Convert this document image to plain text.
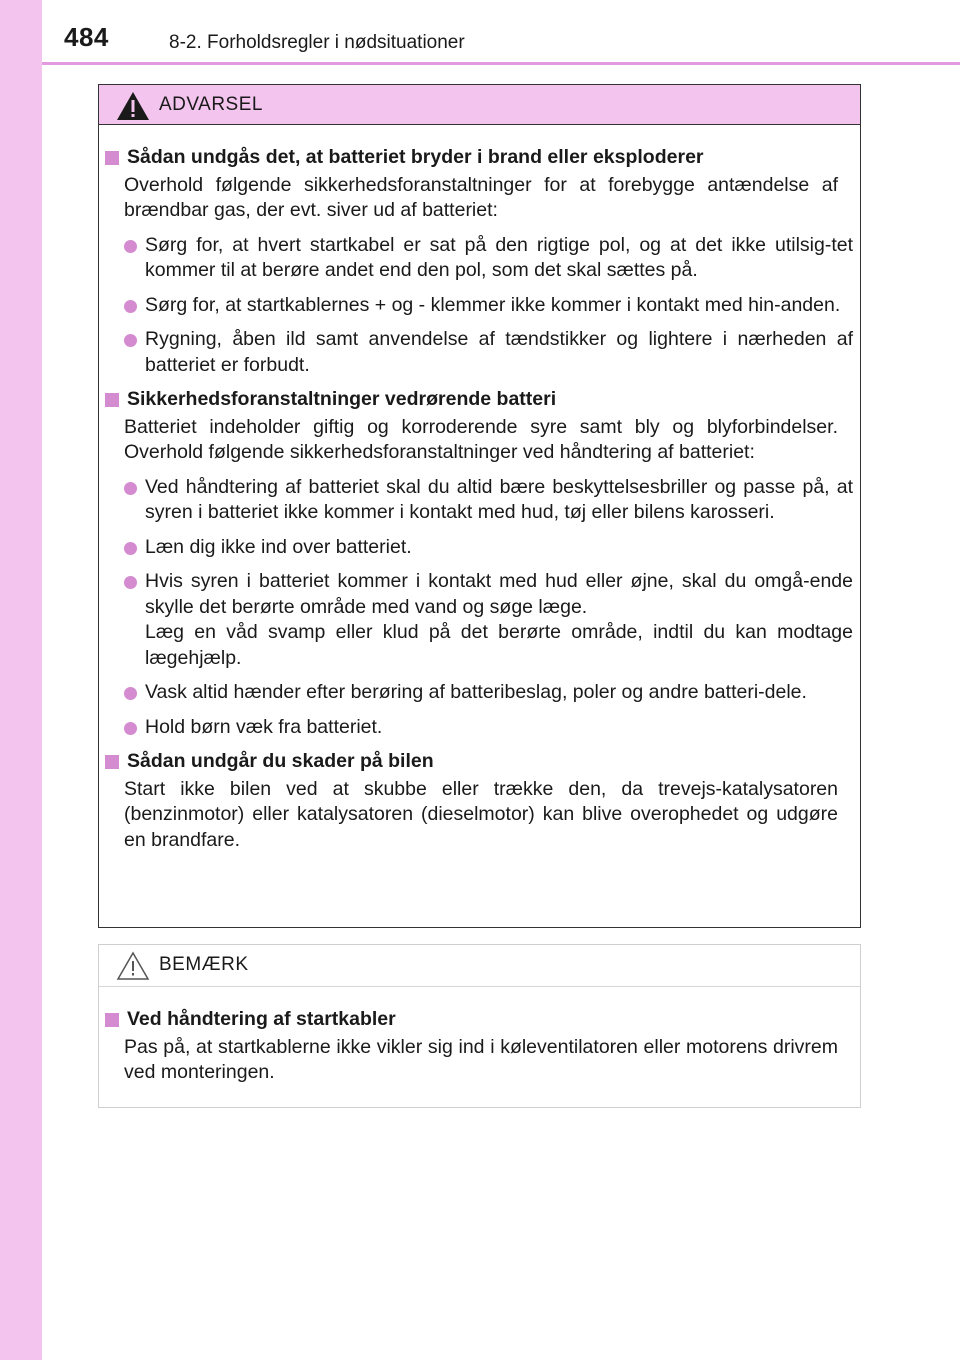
484	8-2. Forholdsregler i nødsituationer
ADVARSEL
Sådan undgås det, at batteriet bryder i brand eller eksploderer
Overhold følgende sikkerhedsforanstaltninger for at forebygge antændelse af brændbar gas, der evt. siver ud af batteriet:
Sørg for, at hvert startkabel er sat på den rigtige pol, og at det ikke utilsig-tet kommer til at berøre andet end den pol, som det skal sættes på.
Sørg for, at startkablernes + og - klemmer ikke kommer i kontakt med hin-anden.
Rygning, åben ild samt anvendelse af tændstikker og lightere i nærheden af batteriet er forbudt.
Sikkerhedsforanstaltninger vedrørende batteri
Batteriet indeholder giftig og korroderende syre samt bly og blyforbindelser. Overhold følgende sikkerhedsforanstaltninger ved håndtering af batteriet:
Ved håndtering af batteriet skal du altid bære beskyttelsesbriller og passe på, at syren i batteriet ikke kommer i kontakt med hud, tøj eller bilens karosseri.
Læn dig ikke ind over batteriet.
Hvis syren i batteriet kommer i kontakt med hud eller øjne, skal du omgå-ende skylle det berørte område med vand og søge læge.
Læg en våd svamp eller klud på det berørte område, indtil du kan modtage lægehjælp.
Vask altid hænder efter berøring af batteribeslag, poler og andre batteri-dele.
Hold børn væk fra batteriet.
Sådan undgår du skader på bilen
Start ikke bilen ved at skubbe eller trække den, da trevejs-katalysatoren (benzinmotor) eller katalysatoren (dieselmotor) kan blive overophedet og udgøre en brandfare.
BEMÆRK
Ved håndtering af startkabler
Pas på, at startkablerne ikke vikler sig ind i køleventilatoren eller motorens drivrem ved monteringen.
